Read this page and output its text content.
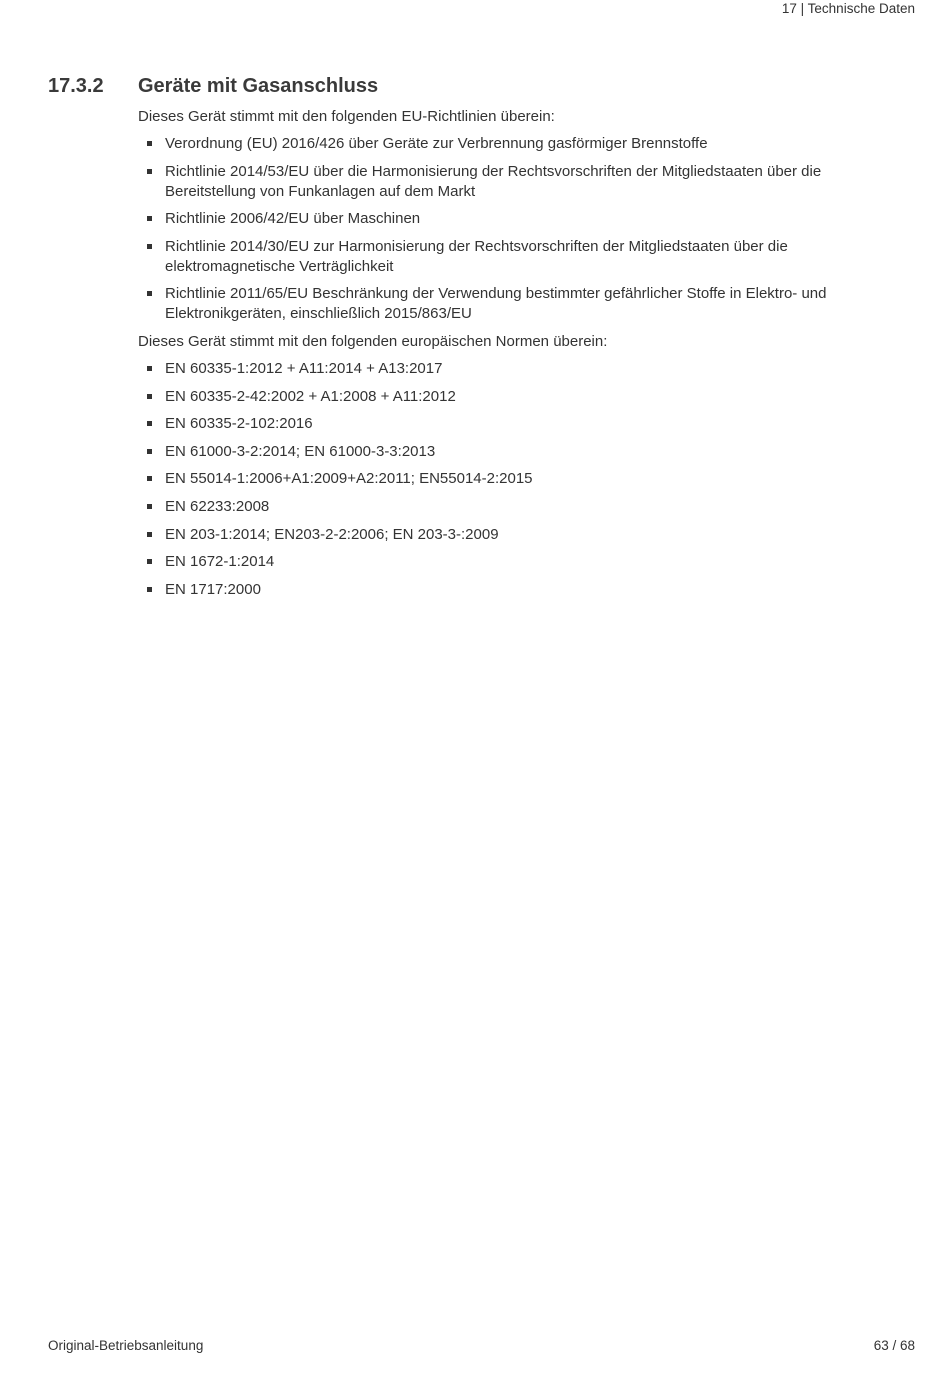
17 | Technische Daten
17.3.2 Geräte mit Gasanschluss

Dieses Gerät stimmt mit den folgenden EU-Richtlinien überein:

Verordnung (EU) 2016/426 über Geräte zur Verbrennung gasförmiger Brennstoffe
Richtlinie 2014/53/EU über die Harmonisierung der Rechtsvorschriften der Mitgliedstaaten über die Bereitstellung von Funkanlagen auf dem Markt
Richtlinie 2006/42/EU über Maschinen
Richtlinie 2014/30/EU zur Harmonisierung der Rechtsvorschriften der Mitgliedstaaten über die elektromagnetische Verträglichkeit
Richtlinie 2011/65/EU Beschränkung der Verwendung bestimmter gefährlicher Stoffe in Elektro- und Elektronikgeräten, einschließlich 2015/863/EU

Dieses Gerät stimmt mit den folgenden europäischen Normen überein:

EN 60335-1:2012 + A11:2014 + A13:2017
EN 60335-2-42:2002 + A1:2008 + A11:2012
EN 60335-2-102:2016
EN 61000-3-2:2014; EN 61000-3-3:2013
EN 55014-1:2006+A1:2009+A2:2011; EN55014-2:2015
EN 62233:2008
EN 203-1:2014; EN203-2-2:2006; EN 203-3-:2009
EN 1672-1:2014
EN 1717:2000
Original-Betriebsanleitung	63 / 68
